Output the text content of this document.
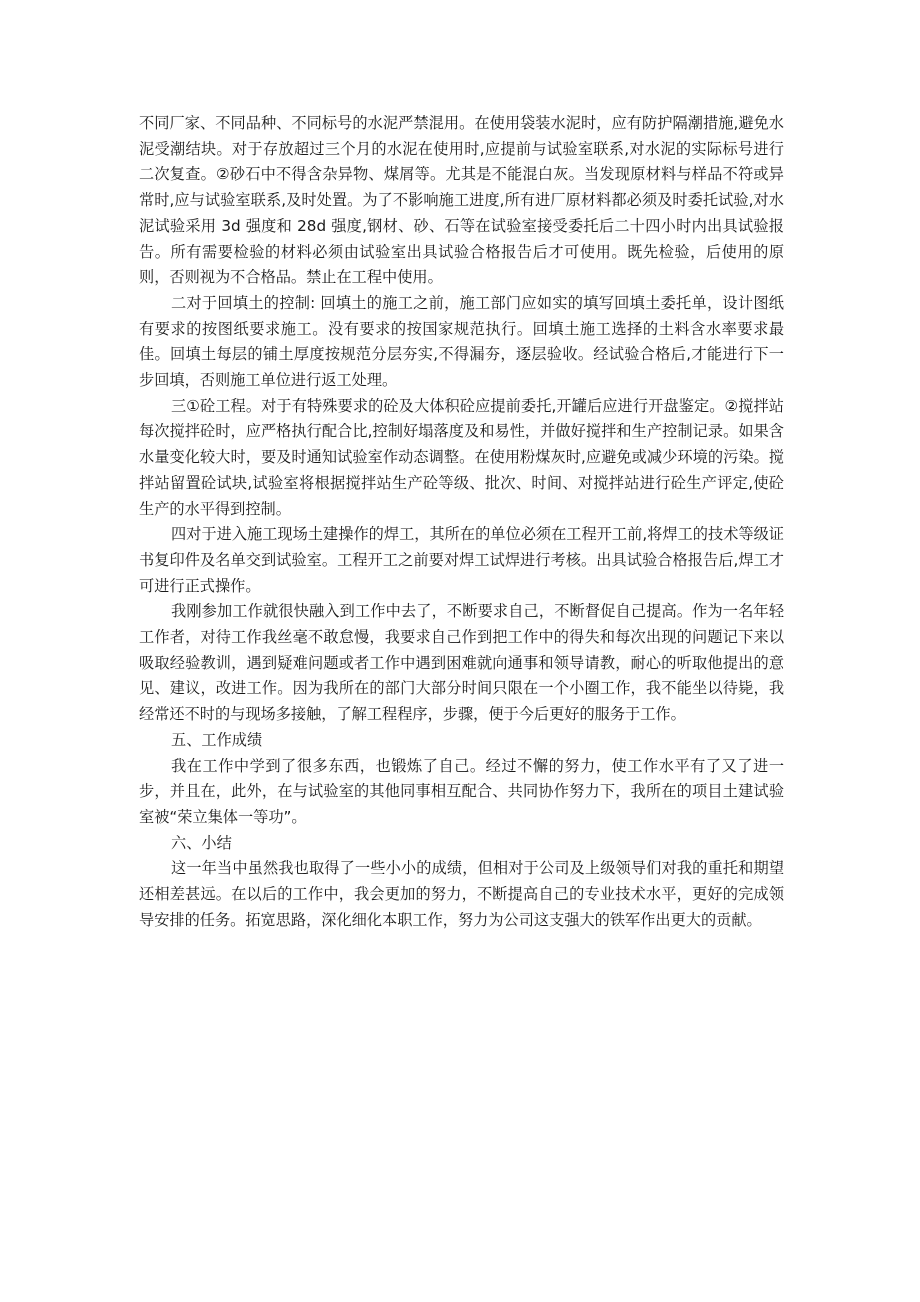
不同厂家、不同品种、不同标号的水泥严禁混用。在使用袋装水泥时，应有防护隔潮措施,避免水泥受潮结块。对于存放超过三个月的水泥在使用时,应提前与试验室联系,对水泥的实际标号进行二次复查。②砂石中不得含杂异物、煤屑等。尤其是不能混白灰。当发现原材料与样品不符或异常时,应与试验室联系,及时处置。为了不影响施工进度,所有进厂原材料都必须及时委托试验,对水泥试验采用 3d 强度和 28d 强度,钢材、砂、石等在试验室接受委托后二十四小时内出具试验报告。所有需要检验的材料必须由试验室出具试验合格报告后才可使用。既先检验，后使用的原则，否则视为不合格品。禁止在工程中使用。

二对于回填土的控制: 回填土的施工之前，施工部门应如实的填写回填土委托单，设计图纸有要求的按图纸要求施工。没有要求的按国家规范执行。回填土施工选择的土料含水率要求最佳。回填土每层的铺土厚度按规范分层夯实,不得漏夯，逐层验收。经试验合格后,才能进行下一步回填，否则施工单位进行返工处理。

三①砼工程。对于有特殊要求的砼及大体积砼应提前委托,开罐后应进行开盘鉴定。②搅拌站每次搅拌砼时，应严格执行配合比,控制好塌落度及和易性，并做好搅拌和生产控制记录。如果含水量变化较大时，要及时通知试验室作动态调整。在使用粉煤灰时,应避免或减少环境的污染。搅拌站留置砼试块,试验室将根据搅拌站生产砼等级、批次、时间、对搅拌站进行砼生产评定,使砼生产的水平得到控制。

四对于进入施工现场土建操作的焊工，其所在的单位必须在工程开工前,将焊工的技术等级证书复印件及名单交到试验室。工程开工之前要对焊工试焊进行考核。出具试验合格报告后,焊工才可进行正式操作。

我刚参加工作就很快融入到工作中去了，不断要求自己，不断督促自己提高。作为一名年轻工作者，对待工作我丝毫不敢怠慢，我要求自己作到把工作中的得失和每次出现的问题记下来以吸取经验教训，遇到疑难问题或者工作中遇到困难就向通事和领导请教，耐心的听取他提出的意见、建议，改进工作。因为我所在的部门大部分时间只限在一个小圈工作，我不能坐以待毙，我经常还不时的与现场多接触，了解工程程序，步骤，便于今后更好的服务于工作。

五、工作成绩

我在工作中学到了很多东西，也锻炼了自己。经过不懈的努力，使工作水平有了又了进一步，并且在，此外，在与试验室的其他同事相互配合、共同协作努力下，我所在的项目土建试验室被“荣立集体一等功”。

六、小结

这一年当中虽然我也取得了一些小小的成绩，但相对于公司及上级领导们对我的重托和期望还相差甚远。在以后的工作中，我会更加的努力，不断提高自己的专业技术水平，更好的完成领导安排的任务。拓宽思路，深化细化本职工作，努力为公司这支强大的铁军作出更大的贡献。
